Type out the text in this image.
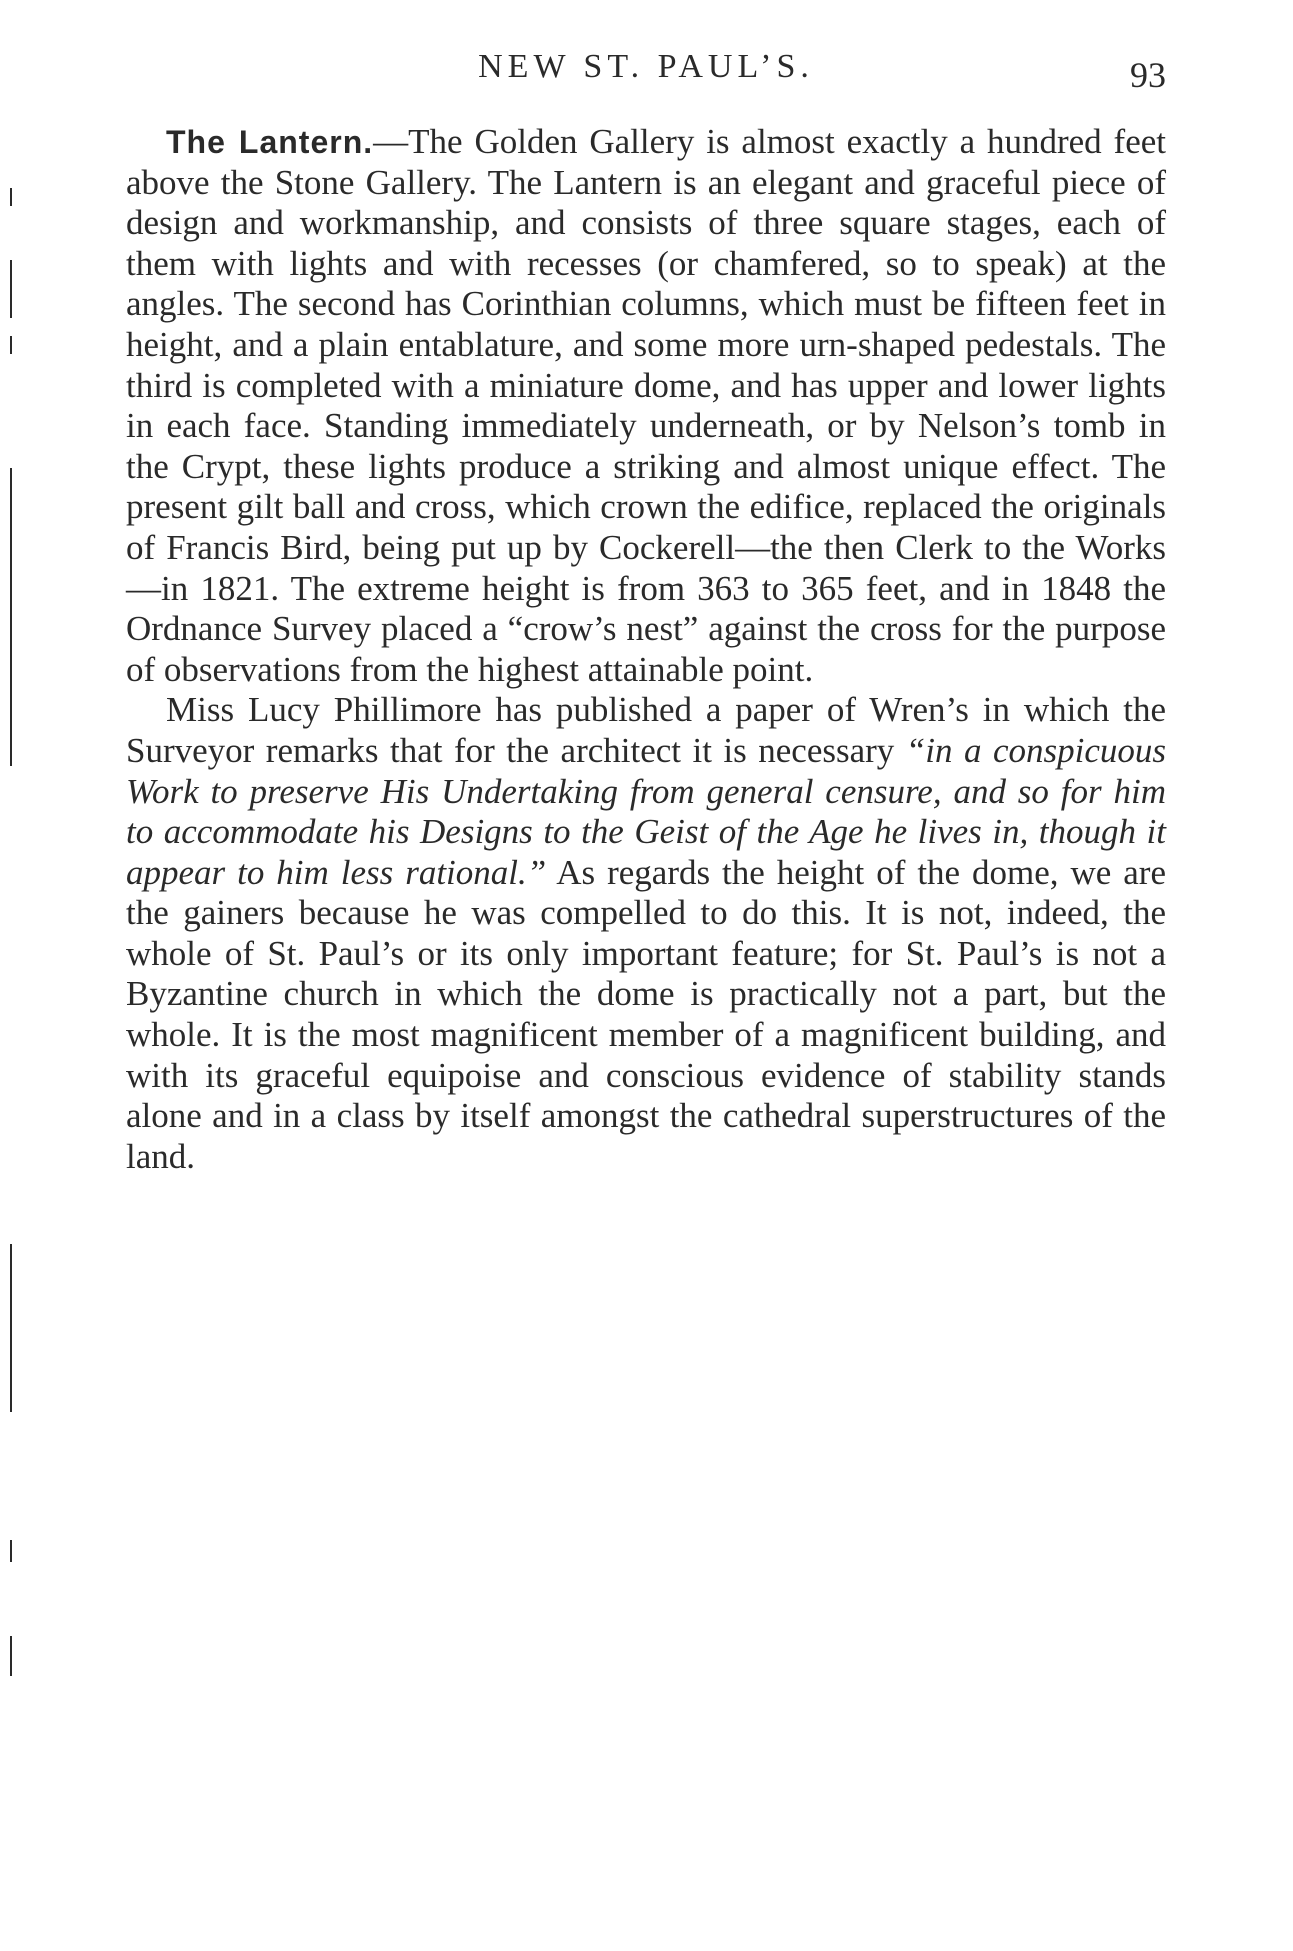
NEW ST. PAUL’S.	93

The Lantern.—The Golden Gallery is almost exactly a hundred feet above the Stone Gallery. The Lantern is an elegant and graceful piece of design and workmanship, and consists of three square stages, each of them with lights and with recesses (or chamfered, so to speak) at the angles. The second has Corinthian columns, which must be fifteen feet in height, and a plain entablature, and some more urn-shaped pedestals. The third is completed with a miniature dome, and has upper and lower lights in each face. Standing immediately underneath, or by Nelson’s tomb in the Crypt, these lights produce a striking and almost unique effect. The present gilt ball and cross, which crown the edifice, replaced the originals of Francis Bird, being put up by Cockerell—the then Clerk to the Works —in 1821. The extreme height is from 363 to 365 feet, and in 1848 the Ordnance Survey placed a “crow’s nest” against the cross for the purpose of observations from the highest attainable point.

Miss Lucy Phillimore has published a paper of Wren’s in which the Surveyor remarks that for the architect it is necessary “in a conspicuous Work to preserve His Undertaking from general censure, and so for him to accommodate his Designs to the Geist of the Age he lives in, though it appear to him less rational.” As regards the height of the dome, we are the gainers because he was compelled to do this. It is not, indeed, the whole of St. Paul’s or its only important feature; for St. Paul’s is not a Byzantine church in which the dome is practically not a part, but the whole. It is the most magnificent member of a magnificent building, and with its graceful equipoise and conscious evidence of stability stands alone and in a class by itself amongst the cathedral superstructures of the land.
